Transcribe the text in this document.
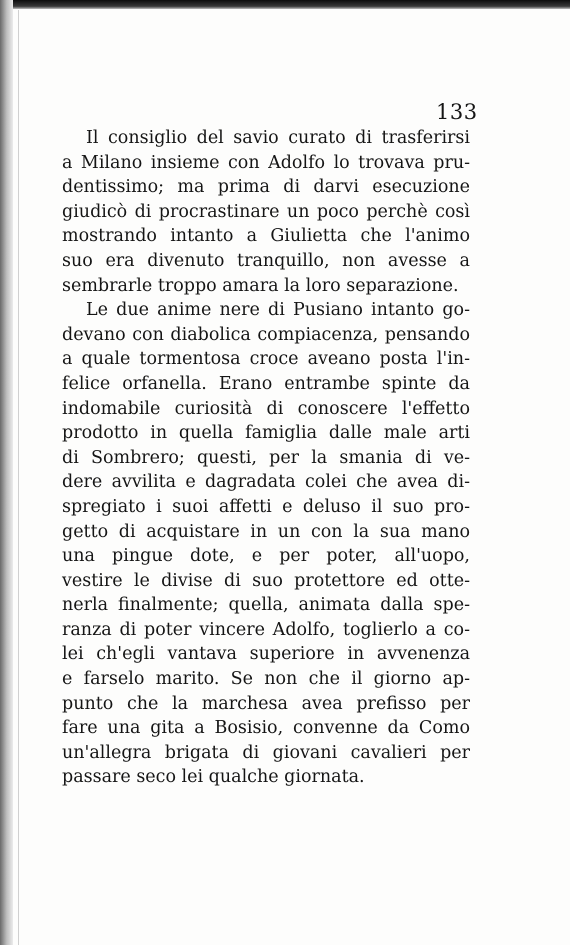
133
Il consiglio del savio curato di trasferirsi
a Milano insieme con Adolfo lo trovava pru-
dentissimo; ma prima di darvi esecuzione
giudicò di procrastinare un poco perchè così
mostrando intanto a Giulietta che l'animo
suo era divenuto tranquillo, non avesse a
sembrarle troppo amara la loro separazione.
Le due anime nere di Pusiano intanto go-
devano con diabolica compiacenza, pensando
a quale tormentosa croce aveano posta l'in-
felice orfanella. Erano entrambe spinte da
indomabile curiosità di conoscere l'effetto
prodotto in quella famiglia dalle male arti
di Sombrero; questi, per la smania di ve-
dere avvilita e dagradata colei che avea di-
spregiato i suoi affetti e deluso il suo pro-
getto di acquistare in un con la sua mano
una pingue dote, e per poter, all'uopo,
vestire le divise di suo protettore ed otte-
nerla finalmente; quella, animata dalla spe-
ranza di poter vincere Adolfo, toglierlo a co-
lei ch'egli vantava superiore in avvenenza
e farselo marito. Se non che il giorno ap-
punto che la marchesa avea prefisso per
fare una gita a Bosisio, convenne da Como
un'allegra brigata di giovani cavalieri per
passare seco lei qualche giornata.
